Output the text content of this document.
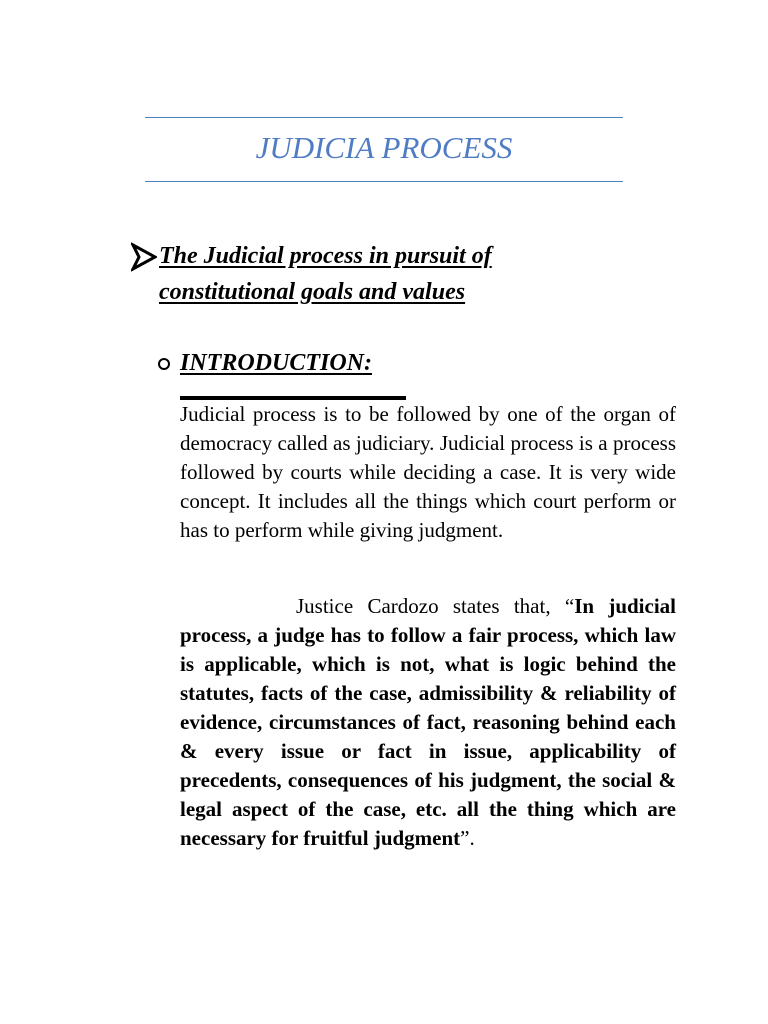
JUDICIA PROCESS
The Judicial process in pursuit of
constitutional goals and values
INTRODUCTION:
Judicial process is to be followed by one of the organ of democracy called as judiciary. Judicial process is a process followed by courts while deciding a case. It is very wide concept. It includes all the things which court perform or has to perform while giving judgment.
Justice Cardozo states that, “In judicial process, a judge has to follow a fair process, which law is applicable, which is not, what is logic behind the statutes, facts of the case, admissibility & reliability of evidence, circumstances of fact, reasoning behind each & every issue or fact in issue, applicability of precedents, consequences of his judgment, the social & legal aspect of the case, etc. all the thing which are necessary for fruitful judgment”.
